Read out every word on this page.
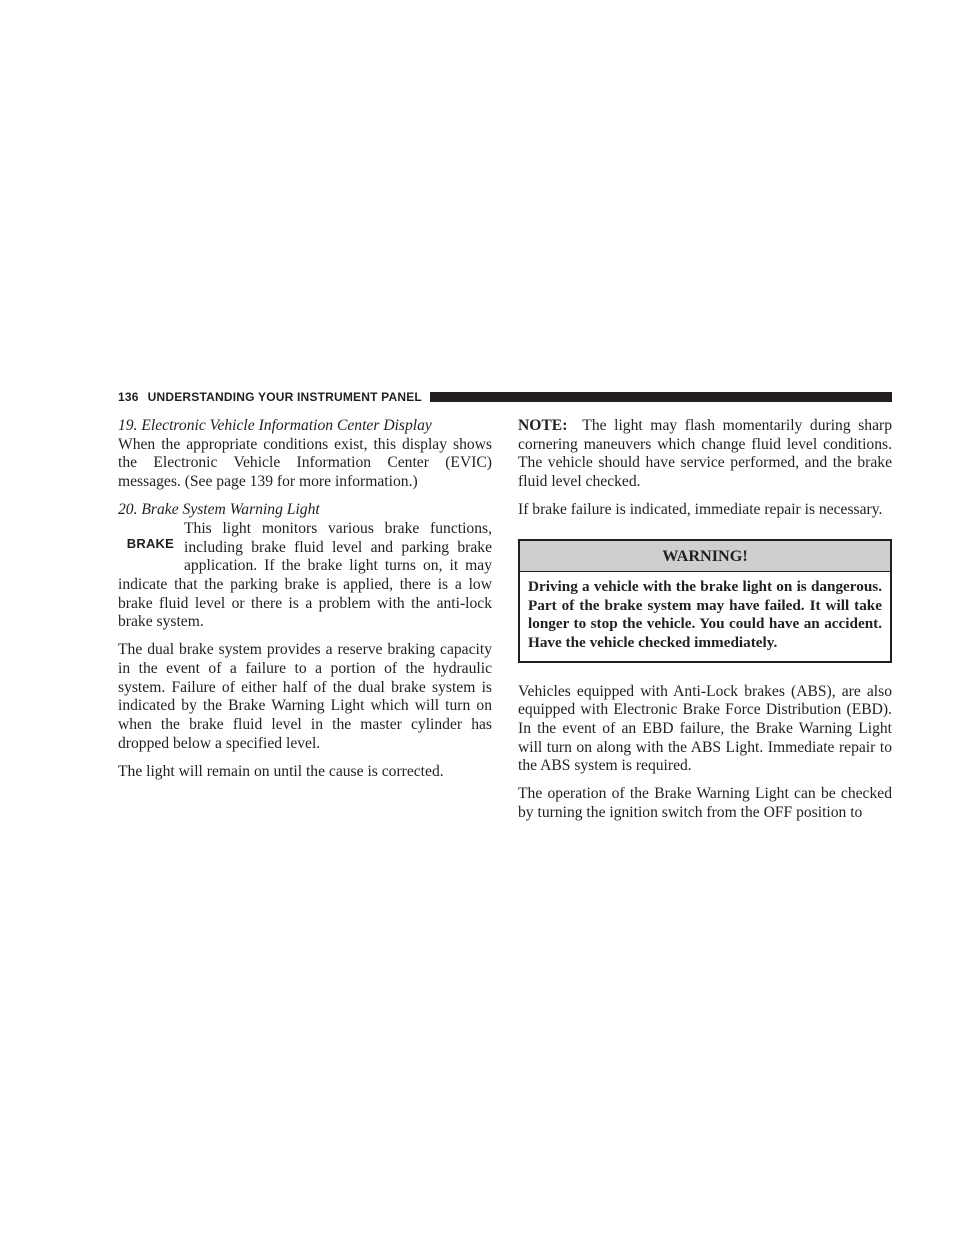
136 UNDERSTANDING YOUR INSTRUMENT PANEL

19. Electronic Vehicle Information Center Display

When the appropriate conditions exist, this display shows the Electronic Vehicle Information Center (EVIC) messages. (See page 139 for more information.)

20. Brake System Warning Light

BRAKE

This light monitors various brake functions, including brake fluid level and parking brake application. If the brake light turns on, it may indicate that the parking brake is applied, there is a low brake fluid level or there is a problem with the anti-lock brake system.

The dual brake system provides a reserve braking capacity in the event of a failure to a portion of the hydraulic system. Failure of either half of the dual brake system is indicated by the Brake Warning Light which will turn on when the brake fluid level in the master cylinder has dropped below a specified level.

The light will remain on until the cause is corrected.

NOTE: The light may flash momentarily during sharp cornering maneuvers which change fluid level conditions. The vehicle should have service performed, and the brake fluid level checked.

If brake failure is indicated, immediate repair is necessary.

WARNING!
Driving a vehicle with the brake light on is dangerous. Part of the brake system may have failed. It will take longer to stop the vehicle. You could have an accident. Have the vehicle checked immediately.

Vehicles equipped with Anti-Lock brakes (ABS), are also equipped with Electronic Brake Force Distribution (EBD). In the event of an EBD failure, the Brake Warning Light will turn on along with the ABS Light. Immediate repair to the ABS system is required.

The operation of the Brake Warning Light can be checked by turning the ignition switch from the OFF position to
